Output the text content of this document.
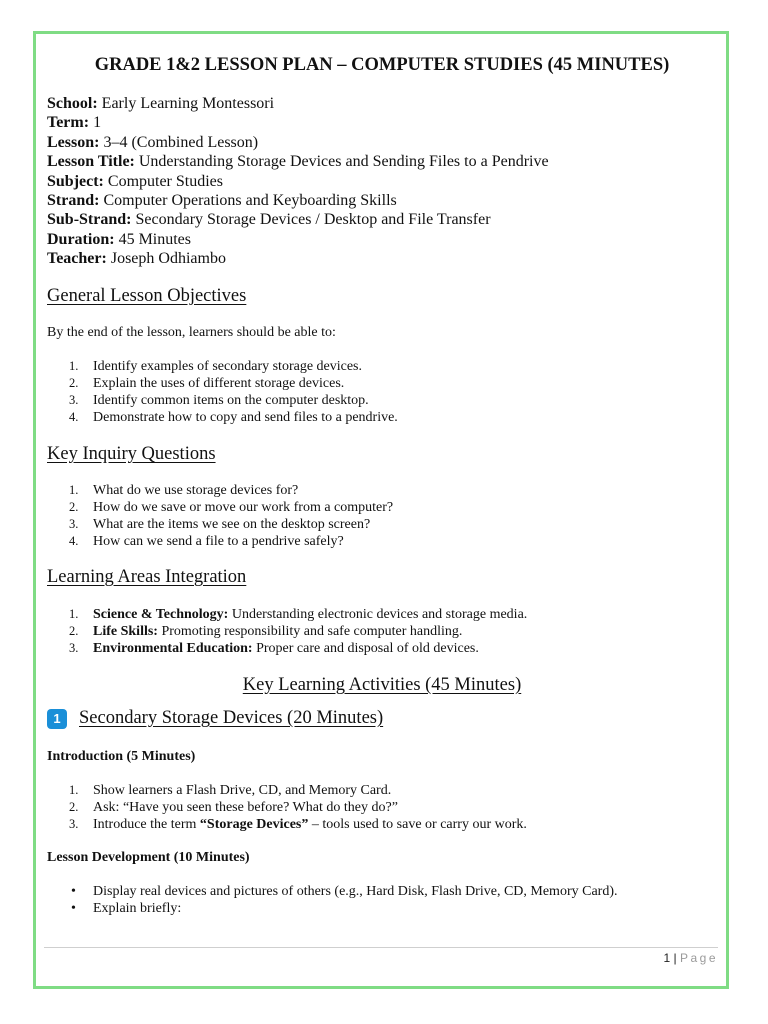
GRADE 1&2 LESSON PLAN – COMPUTER STUDIES (45 MINUTES)
School: Early Learning Montessori
Term: 1
Lesson: 3–4 (Combined Lesson)
Lesson Title: Understanding Storage Devices and Sending Files to a Pendrive
Subject: Computer Studies
Strand: Computer Operations and Keyboarding Skills
Sub-Strand: Secondary Storage Devices / Desktop and File Transfer
Duration: 45 Minutes
Teacher: Joseph Odhiambo
General Lesson Objectives

By the end of the lesson, learners should be able to:

1. Identify examples of secondary storage devices.
2. Explain the uses of different storage devices.
3. Identify common items on the computer desktop.
4. Demonstrate how to copy and send files to a pendrive.
Key Inquiry Questions
1. What do we use storage devices for?
2. How do we save or move our work from a computer?
3. What are the items we see on the desktop screen?
4. How can we send a file to a pendrive safely?
Learning Areas Integration
1. Science & Technology: Understanding electronic devices and storage media.
2. Life Skills: Promoting responsibility and safe computer handling.
3. Environmental Education: Proper care and disposal of old devices.
Key Learning Activities (45 Minutes)
1 Secondary Storage Devices (20 Minutes)

Introduction (5 Minutes)

1. Show learners a Flash Drive, CD, and Memory Card.
2. Ask: “Have you seen these before? What do they do?”
3. Introduce the term “Storage Devices” – tools used to save or carry our work.

Lesson Development (10 Minutes)

• Display real devices and pictures of others (e.g., Hard Disk, Flash Drive, CD, Memory Card).
• Explain briefly:
1 | Page
